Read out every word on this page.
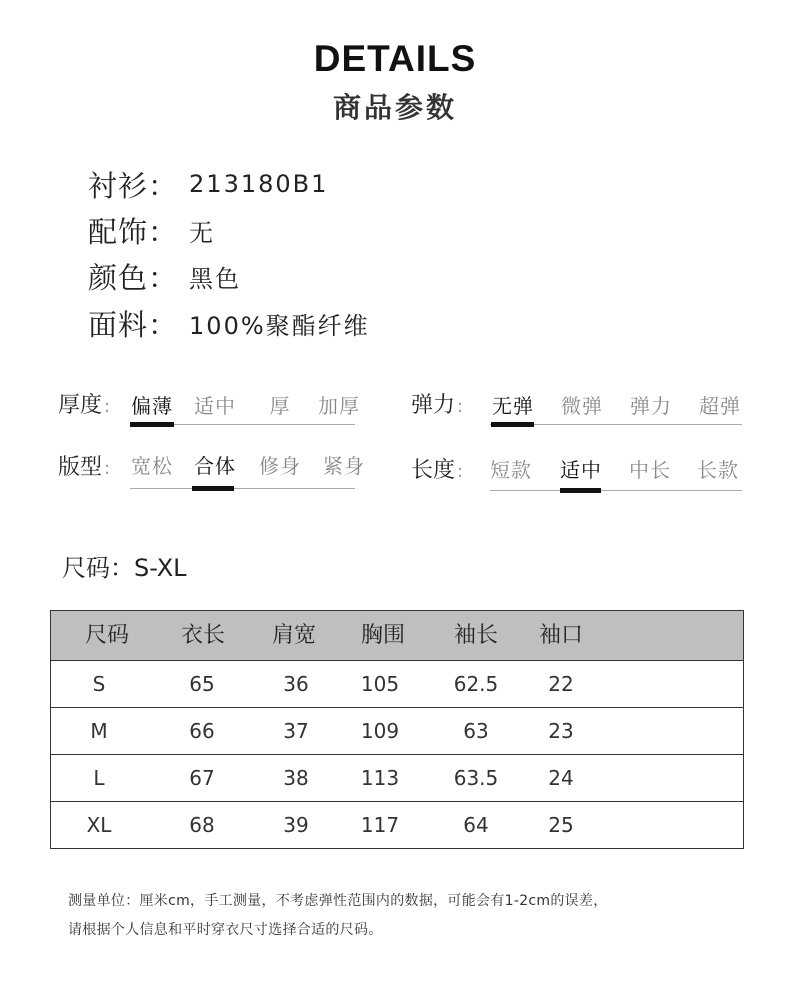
DETAILS
商品参数
衬衫 ： 213180B1
配饰 ： 无
颜色 ： 黑色
面料 ： 100%聚酯纤维
厚度 : 偏薄 适中	厚	加厚 弹力 : 无弹 微弹 弹力 超弹
版型 : 宽松 合体 修身 紧身 长度 : 短款 适中 中长 长款
尺码：S-XL
尺码	衣长	肩宽	胸围	袖长	袖口
S	65	36	105	62.5	22
M	66	37	109	63	23
L	67	38	113	63.5	24
XL	68	39	117	64	25
测量单位：厘米cm，手工测量，不考虑弹性范围内的数据，可能会有1-2cm的误差，
请根据个人信息和平时穿衣尺寸选择合适的尺码。
